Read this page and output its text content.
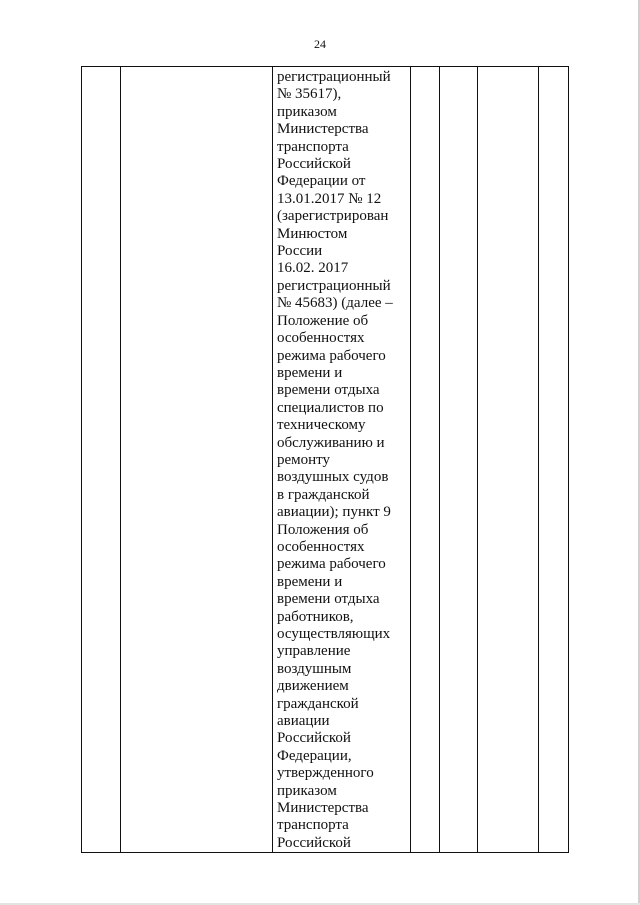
24

регистрационный
№ 35617),
приказом
Министерства
транспорта
Российской
Федерации от
13.01.2017 № 12
(зарегистрирован
Минюстом
России
16.02. 2017
регистрационный
№ 45683) (далее –
Положение об
особенностях
режима рабочего
времени и
времени отдыха
специалистов по
техническому
обслуживанию и
ремонту
воздушных судов
в гражданской
авиации); пункт 9
Положения об
особенностях
режима рабочего
времени и
времени отдыха
работников,
осуществляющих
управление
воздушным
движением
гражданской
авиации
Российской
Федерации,
утвержденного
приказом
Министерства
транспорта
Российской
